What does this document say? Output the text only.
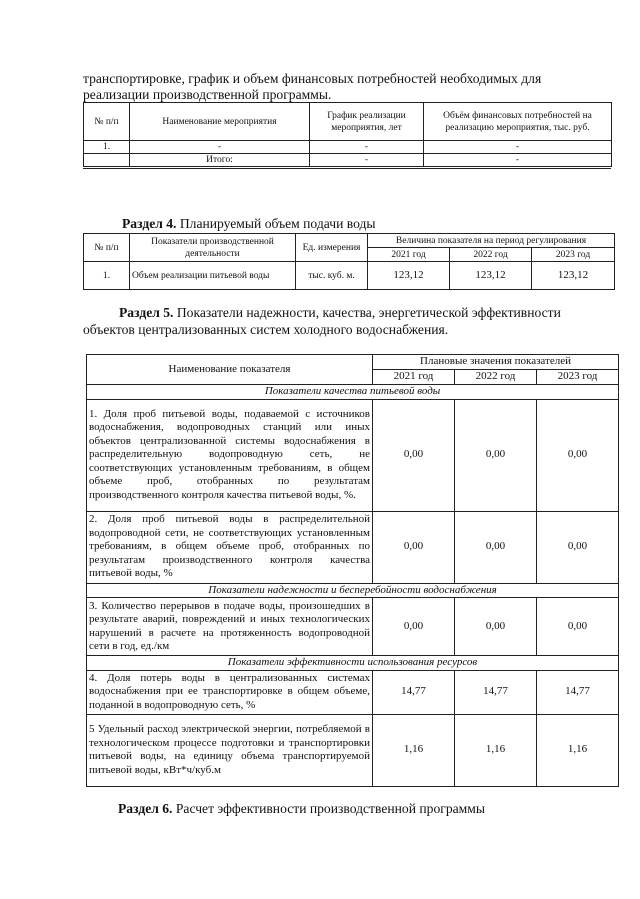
транспортировке, график и объем финансовых потребностей необходимых для
реализации производственной программы.
№ п/п	Наименование мероприятия	График реализации мероприятия, лет	Объём финансовых потребностей на реализацию мероприятия, тыс. руб.
1.	-	-	-
	Итого:	-	-
Раздел 4. Планируемый объем подачи воды
№ п/п	Показатели производственной деятельности	Ед. измерения	Величина показателя на период регулирования		
			2021 год	2022 год	2023 год
1.	Объем реализации питьевой воды	тыс. куб. м.	123,12	123,12	123,12
Раздел 5. Показатели надежности, качества, энергетической эффективности
объектов централизованных систем холодного водоснабжения.
Наименование показателя	Плановые значения показателей		
	2021 год	2022 год	2023 год
Показатели качества питьевой воды			
1. Доля проб питьевой воды, подаваемой с источников водоснабжения, водопроводных станций или иных объектов централизованной системы водоснабжения в распределительную водопроводную сеть, не соответствующих установленным требованиям, в общем объеме проб, отобранных по результатам производственного контроля качества питьевой воды, %.	0,00	0,00	0,00
2. Доля проб питьевой воды в распределительной водопроводной сети, не соответствующих установленным требованиям, в общем объеме проб, отобранных по результатам производственного контроля качества питьевой воды, %	0,00	0,00	0,00
Показатели надежности и бесперебойности водоснабжения			
3. Количество перерывов в подаче воды, произошедших в результате аварий, повреждений и иных технологических нарушений в расчете на протяженность водопроводной сети в год, ед./км	0,00	0,00	0,00
Показатели эффективности использования ресурсов			
4. Доля потерь воды в централизованных системах водоснабжения при ее транспортировке в общем объеме, поданной в водопроводную сеть, %	14,77	14,77	14,77
5 Удельный расход электрической энергии, потребляемой в технологическом процессе подготовки и транспортировки питьевой воды, на единицу объема транспортируемой питьевой воды, кВт*ч/куб.м	1,16	1,16	1,16
Раздел 6. Расчет эффективности производственной программы
